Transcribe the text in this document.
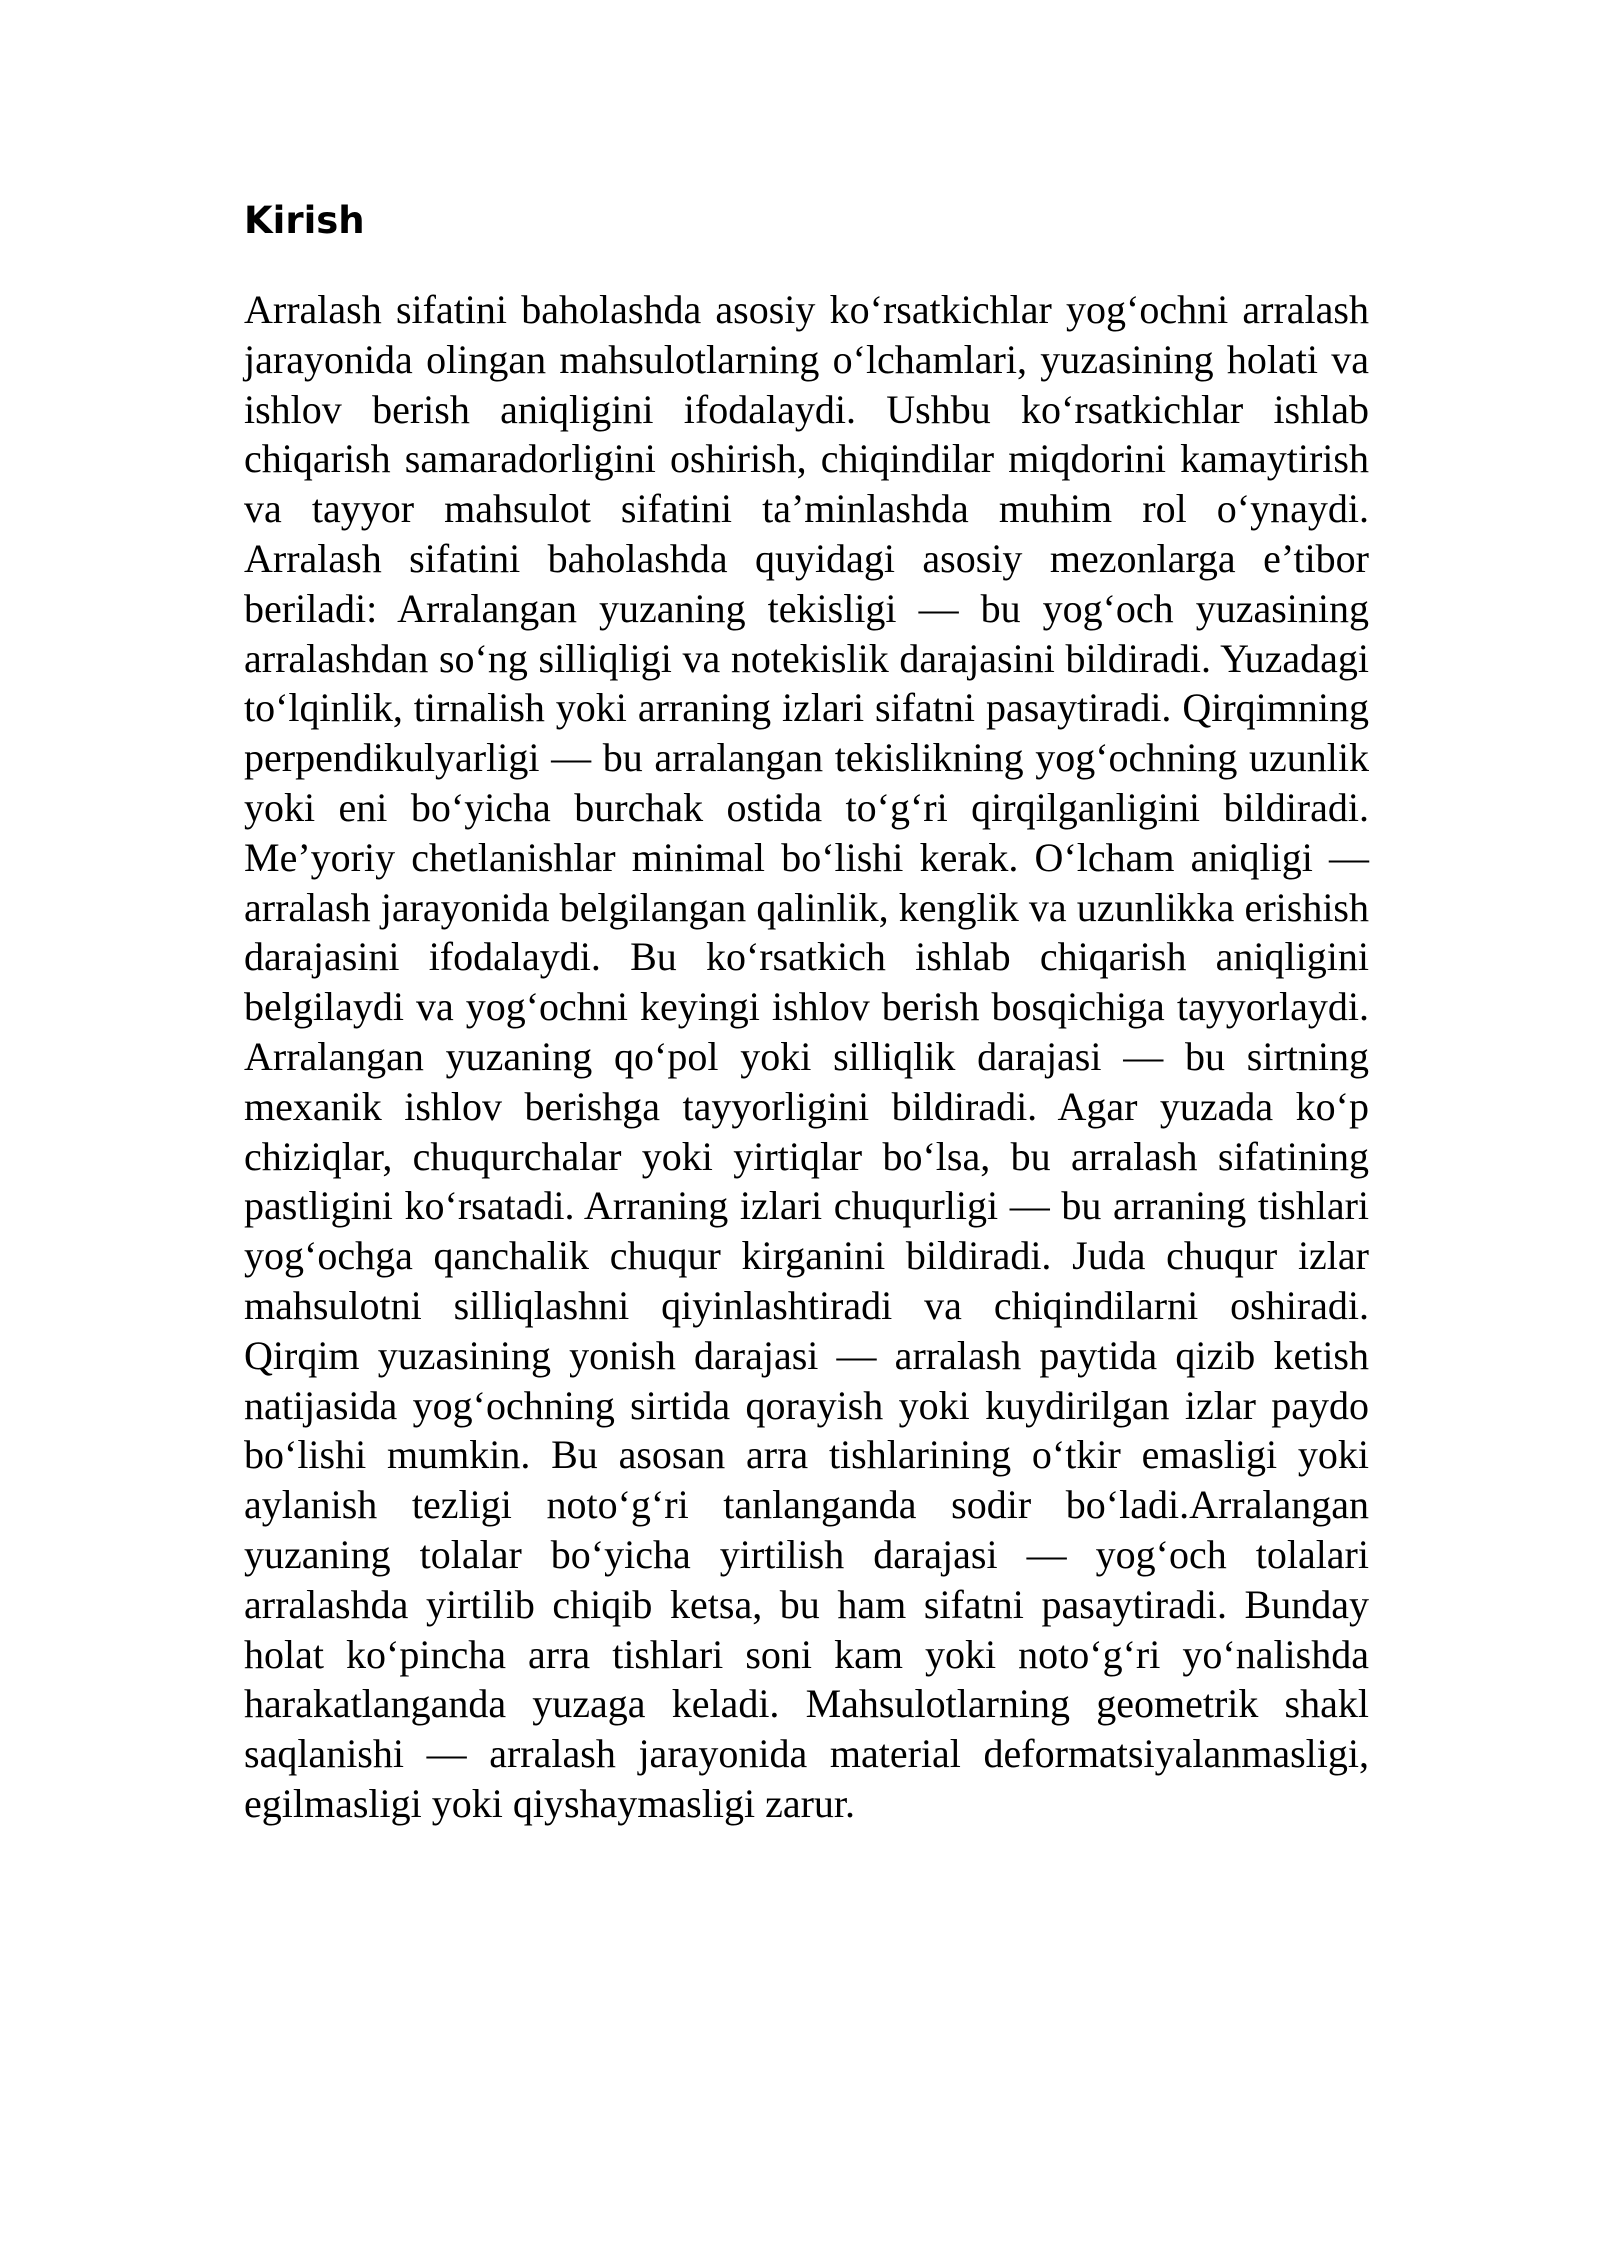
Kirish

Arralash sifatini baholashda asosiy ko‘rsatkichlar yog‘ochni arralash jarayonida olingan mahsulotlarning o‘lchamlari, yuzasining holati va ishlov berish aniqligini ifodalaydi. Ushbu ko‘rsatkichlar ishlab chiqarish samaradorligini oshirish, chiqindilar miqdorini kamaytirish va tayyor mahsulot sifatini ta’minlashda muhim rol o‘ynaydi. Arralash sifatini baholashda quyidagi asosiy mezonlarga e’tibor beriladi: Arralangan yuzaning tekisligi — bu yog‘och yuzasining arralashdan so‘ng silliqligi va notekislik darajasini bildiradi. Yuzadagi to‘lqinlik, tirnalish yoki arraning izlari sifatni pasaytiradi. Qirqimning perpendikulyarligi — bu arralangan tekislikning yog‘ochning uzunlik yoki eni bo‘yicha burchak ostida to‘g‘ri qirqilganligini bildiradi. Me’yoriy chetlanishlar minimal bo‘lishi kerak. O‘lcham aniqligi — arralash jarayonida belgilangan qalinlik, kenglik va uzunlikka erishish darajasini ifodalaydi. Bu ko‘rsatkich ishlab chiqarish aniqligini belgilaydi va yog‘ochni keyingi ishlov berish bosqichiga tayyorlaydi. Arralangan yuzaning qo‘pol yoki silliqlik darajasi — bu sirtning mexanik ishlov berishga tayyorligini bildiradi. Agar yuzada ko‘p chiziqlar, chuqurchalar yoki yirtiqlar bo‘lsa, bu arralash sifatining pastligini ko‘rsatadi. Arraning izlari chuqurligi — bu arraning tishlari yog‘ochga qanchalik chuqur kirganini bildiradi. Juda chuqur izlar mahsulotni silliqlashni qiyinlashtiradi va chiqindilarni oshiradi. Qirqim yuzasining yonish darajasi — arralash paytida qizib ketish natijasida yog‘ochning sirtida qorayish yoki kuydirilgan izlar paydo bo‘lishi mumkin. Bu asosan arra tishlarining o‘tkir emasligi yoki aylanish tezligi noto‘g‘ri tanlanganda sodir bo‘ladi.Arralangan yuzaning tolalar bo‘yicha yirtilish darajasi — yog‘och tolalari arralashda yirtilib chiqib ketsa, bu ham sifatni pasaytiradi. Bunday holat ko‘pincha arra tishlari soni kam yoki noto‘g‘ri yo‘nalishda harakatlanganda yuzaga keladi. Mahsulotlarning geometrik shakl saqlanishi — arralash jarayonida material deformatsiyalanmasligi, egilmasligi yoki qiyshaymasligi zarur.
